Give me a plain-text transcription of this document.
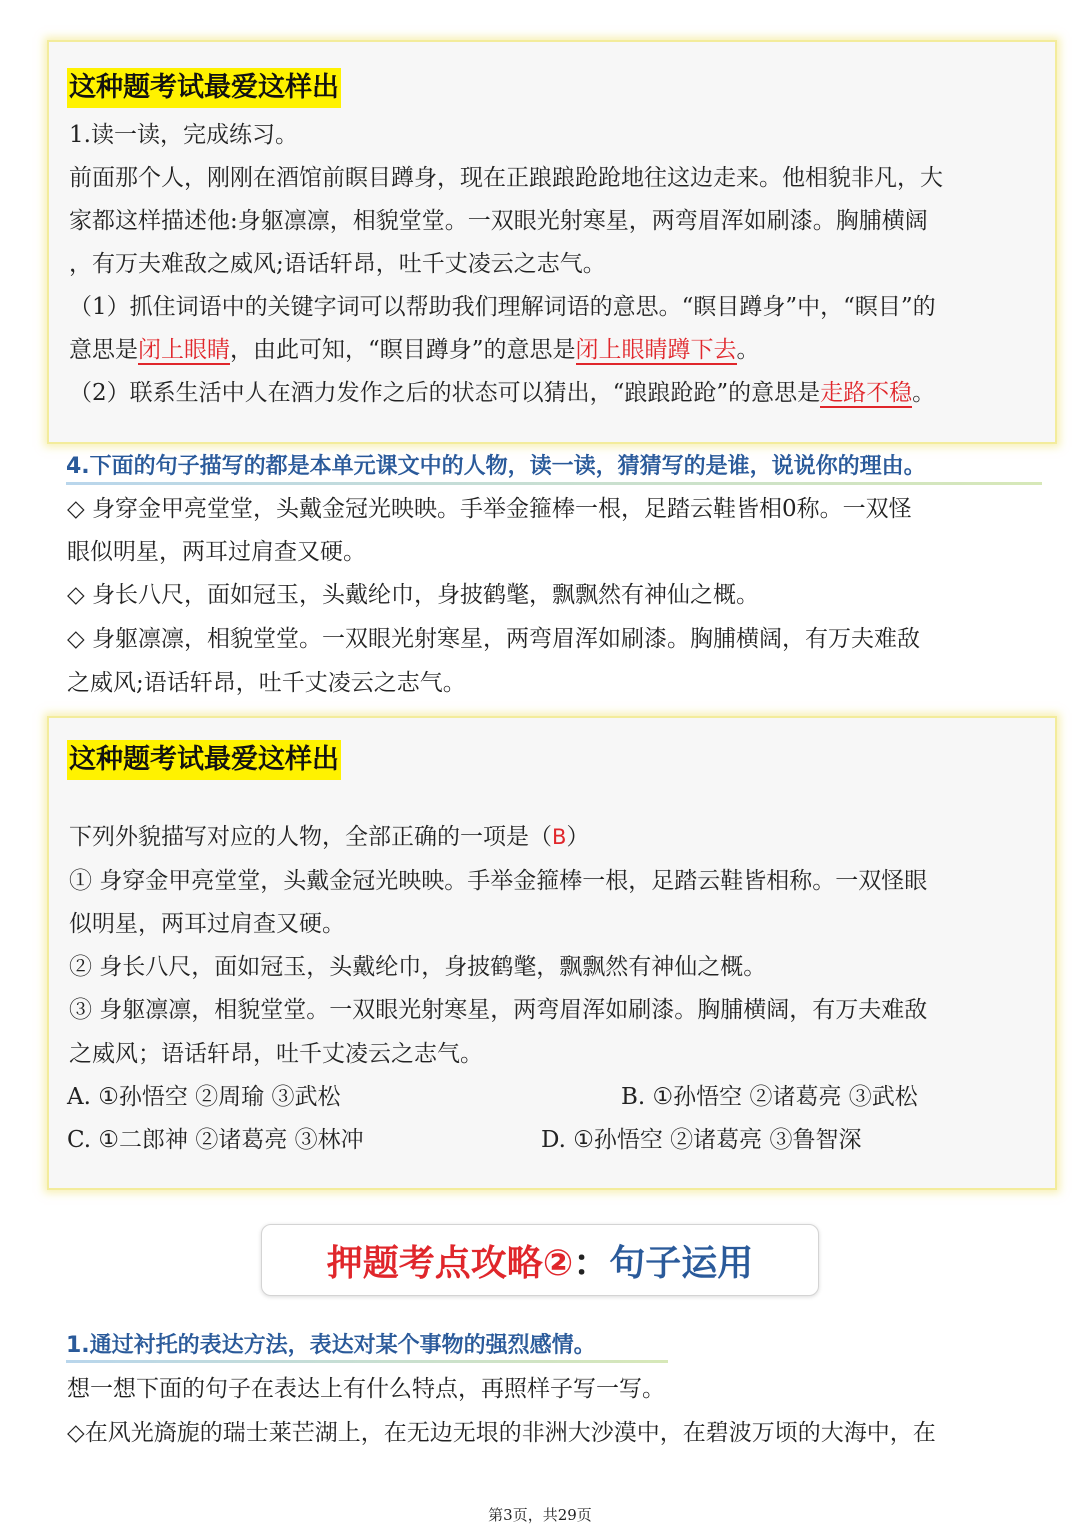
这种题考试最爱这样出
1.读一读，完成练习。
前面那个人，刚刚在酒馆前瞑目蹲身，现在正踉踉跄跄地往这边走来。他相貌非凡，大
家都这样描述他:身躯凛凛，相貌堂堂。一双眼光射寒星，两弯眉浑如刷漆。胸脯横阔
，有万夫难敌之威风;语话轩昂，吐千丈凌云之志气。
（1）抓住词语中的关键字词可以帮助我们理解词语的意思。“瞑目蹲身”中，“瞑目”的
意思是闭上眼睛，由此可知，“瞑目蹲身”的意思是闭上眼睛蹲下去。
（2）联系生活中人在酒力发作之后的状态可以猜出，“踉踉跄跄”的意思是走路不稳。
4.下面的句子描写的都是本单元课文中的人物，读一读，猜猜写的是谁，说说你的理由。
◇ 身穿金甲亮堂堂，头戴金冠光映映。手举金箍棒一根，足踏云鞋皆相0称。一双怪
眼似明星，两耳过肩查又硬。
◇ 身长八尺，面如冠玉，头戴纶巾，身披鹤氅，飘飘然有神仙之概。
◇ 身躯凛凛，相貌堂堂。一双眼光射寒星，两弯眉浑如刷漆。胸脯横阔，有万夫难敌
之威风;语话轩昂，吐千丈凌云之志气。
这种题考试最爱这样出
下列外貌描写对应的人物，全部正确的一项是（B）
① 身穿金甲亮堂堂，头戴金冠光映映。手举金箍棒一根，足踏云鞋皆相称。一双怪眼
似明星，两耳过肩查又硬。
② 身长八尺，面如冠玉，头戴纶巾，身披鹤氅，飘飘然有神仙之概。
③ 身躯凛凛，相貌堂堂。一双眼光射寒星，两弯眉浑如刷漆。胸脯横阔，有万夫难敌
之威风；语话轩昂，吐千丈凌云之志气。
A. ①孙悟空 ②周瑜 ③武松	B. ①孙悟空 ②诸葛亮 ③武松
C. ①二郎神 ②诸葛亮 ③林冲	D. ①孙悟空 ②诸葛亮 ③鲁智深
押题考点攻略② ： 句子运用
1.通过衬托的表达方法，表达对某个事物的强烈感情。
想一想下面的句子在表达上有什么特点，再照样子写一写。
◇在风光旖旎的瑞士莱芒湖上，在无边无垠的非洲大沙漠中，在碧波万顷的大海中，在
第3页，共29页
